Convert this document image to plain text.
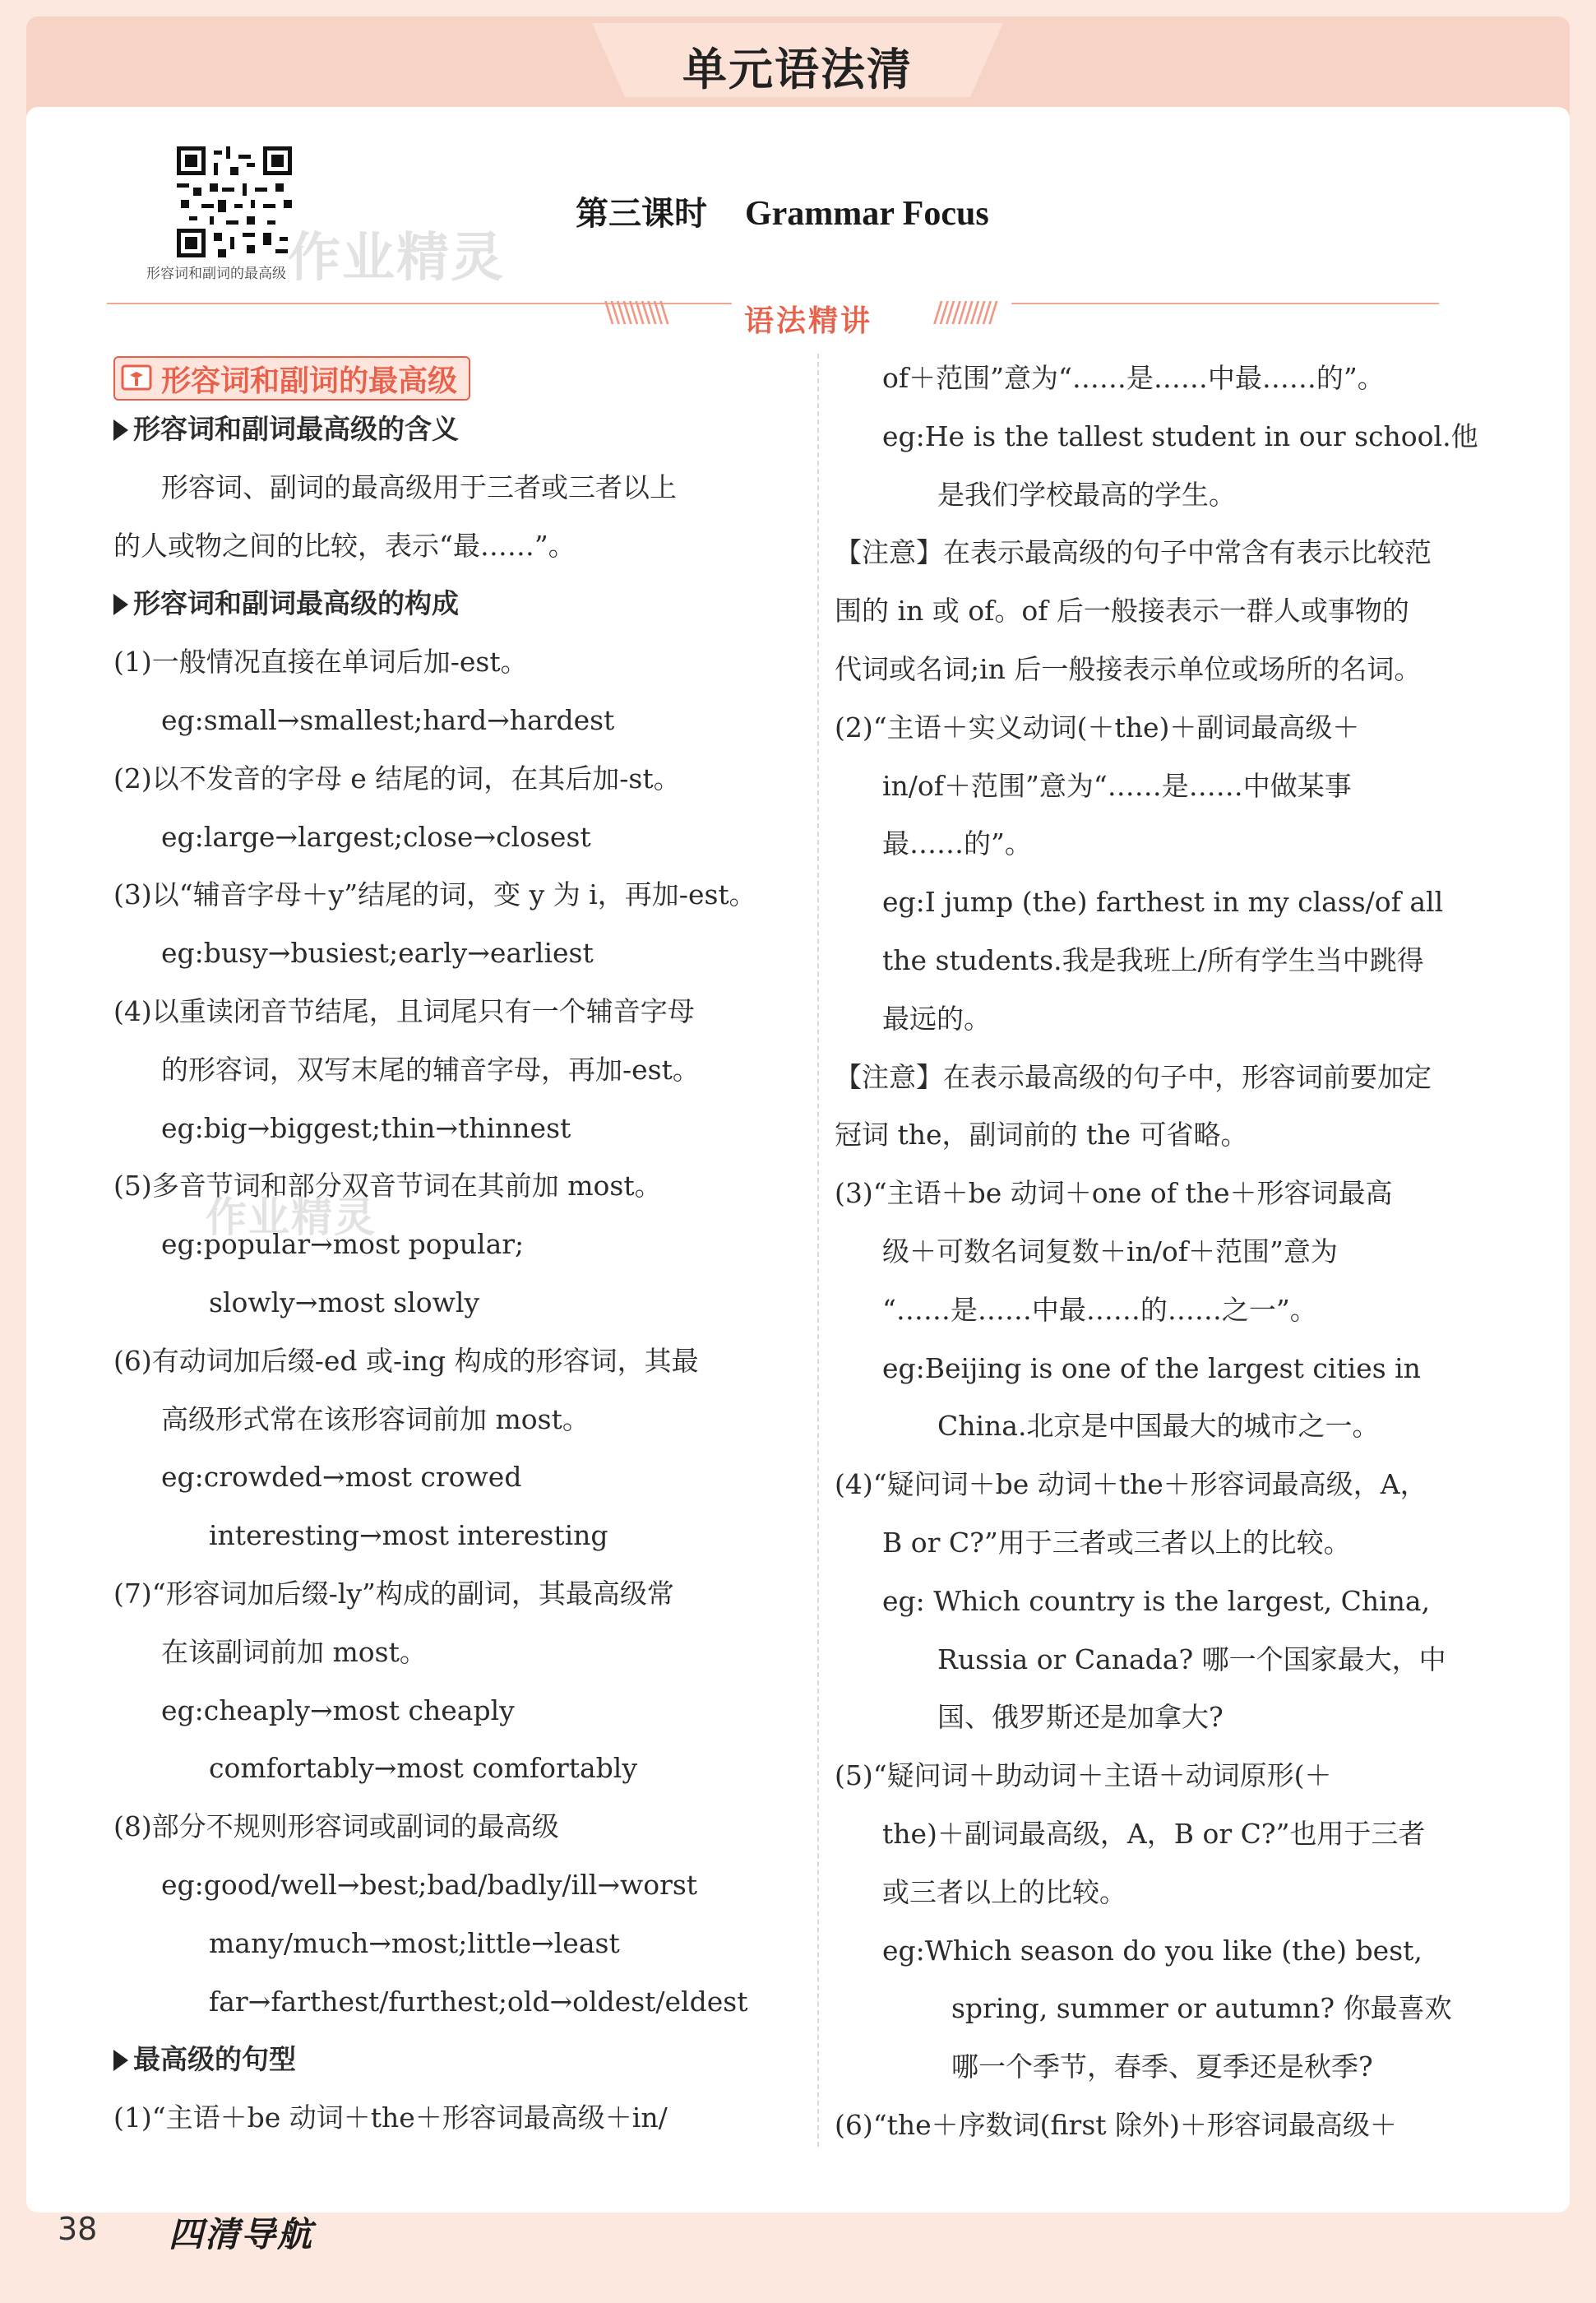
单元语法清
形容词和副词的最高级 作业精灵
第三课时 Grammar Focus
\\\\\\\\\\	//////////
语法精讲
形容词和副词的最高级
形容词和副词最高级的含义
形容词、副词的最高级用于三者或三者以上
的人或物之间的比较，表示“最……”。
形容词和副词最高级的构成
(1)一般情况直接在单词后加-est。
eg:small→smallest;hard→hardest
(2)以不发音的字母 e 结尾的词，在其后加-st。
eg:large→largest;close→closest
(3)以“辅音字母＋y”结尾的词，变 y 为 i，再加-est。
eg:busy→busiest;early→earliest
(4)以重读闭音节结尾，且词尾只有一个辅音字母
的形容词，双写末尾的辅音字母，再加-est。
eg:big→biggest;thin→thinnest
(5)多音节词和部分双音节词在其前加 most。
eg:popular→most popular;
slowly→most slowly
(6)有动词加后缀-ed 或-ing 构成的形容词，其最
高级形式常在该形容词前加 most。
eg:crowded→most crowed
interesting→most interesting
(7)“形容词加后缀-ly”构成的副词，其最高级常
在该副词前加 most。
eg:cheaply→most cheaply
comfortably→most comfortably
(8)部分不规则形容词或副词的最高级
eg:good/well→best;bad/badly/ill→worst
many/much→most;little→least
far→farthest/furthest;old→oldest/eldest
最高级的句型
(1)“主语＋be 动词＋the＋形容词最高级＋in/
of＋范围”意为“……是……中最……的”。
eg:He is the tallest student in our school.他
是我们学校最高的学生。
【注意】在表示最高级的句子中常含有表示比较范
围的 in 或 of。of 后一般接表示一群人或事物的
代词或名词;in 后一般接表示单位或场所的名词。
(2)“主语＋实义动词(＋the)＋副词最高级＋
in/of＋范围”意为“……是……中做某事
最……的”。
eg:I jump (the) farthest in my class/of all
the students.我是我班上/所有学生当中跳得
最远的。
【注意】在表示最高级的句子中，形容词前要加定
冠词 the，副词前的 the 可省略。
(3)“主语＋be 动词＋one of the＋形容词最高
级＋可数名词复数＋in/of＋范围”意为
“……是……中最……的……之一”。
eg:Beijing is one of the largest cities in
China.北京是中国最大的城市之一。
(4)“疑问词＋be 动词＋the＋形容词最高级，A，
B or C?”用于三者或三者以上的比较。
eg: Which country is the largest, China,
Russia or Canada? 哪一个国家最大，中
国、俄罗斯还是加拿大?
(5)“疑问词＋助动词＋主语＋动词原形(＋
the)＋副词最高级，A，B or C?”也用于三者
或三者以上的比较。
eg:Which season do you like (the) best,
spring, summer or autumn? 你最喜欢
哪一个季节，春季、夏季还是秋季?
(6)“the＋序数词(first 除外)＋形容词最高级＋
作业精灵
38 四清导航
